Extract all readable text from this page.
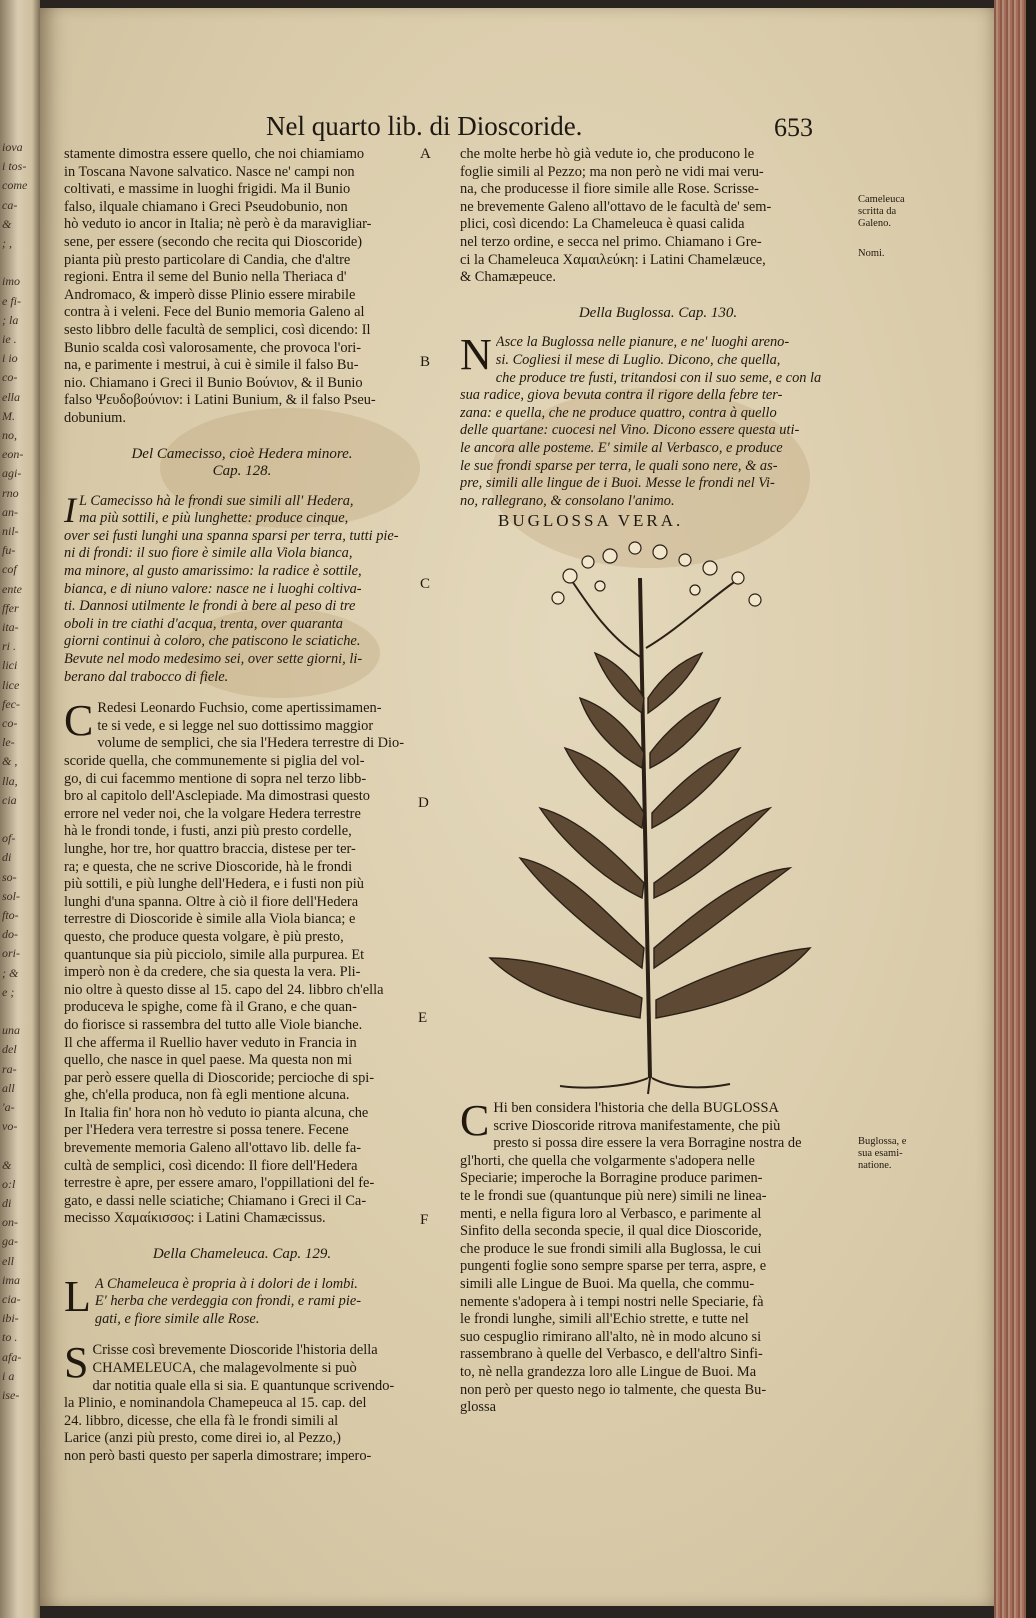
iova
i tos-
come
ca-
&
; ,
imo
e fi-
; la
ie .
i io
co-
ella
M.
no,
eon-
agi-
rno
an-
nil-
fu-
cof
ente
ffer
ita-
ri .
lici
lice
fec-
co-
le-
& ,
lla,
cia
of-
di
so-
sol-
fto-
do-
ori-
; &
e ;
una
del
ra-
all
'a-
vo-
&
o:l
di
on-
ga-
ell
ima
cia-
ibi-
to .
afa-
i a
ise-
Nel quarto lib. di Dioscoride.	653

stamente dimostra essere quello, che noi chiamiamo
in Toscana Navone salvatico. Nasce ne' campi non
coltivati, e massime in luoghi frigidi. Ma il Bunio
falso, ilquale chiamano i Greci Pseudobunio, non
hò veduto io ancor in Italia; nè però è da maravigliar-
sene, per essere (secondo che recita qui Dioscoride)
pianta più presto particolare di Candia, che d'altre
regioni. Entra il seme del Bunio nella Theriaca d'
Andromaco, & imperò disse Plinio essere mirabile
contra à i veleni. Fece del Bunio memoria Galeno al
sesto libbro delle facultà de semplici, così dicendo: Il
Bunio scalda così valorosamente, che provoca l'ori-
na, e parimente i mestrui, à cui è simile il falso Bu-
nio. Chiamano i Greci il Bunio Βούνιον, & il Bunio
falso Ψευδοβούνιον: i Latini Bunium, & il falso Pseu-
dobunium.

Del Camecisso, cioè Hedera minore.
Cap. 128.

I L Camecisso hà le frondi sue simili all' Hedera,
ma più sottili, e più lunghette: produce cinque,
over sei fusti lunghi una spanna sparsi per terra, tutti pie-
ni di frondi: il suo fiore è simile alla Viola bianca,
ma minore, al gusto amarissimo: la radice è sottile,
bianca, e di niuno valore: nasce ne i luoghi coltiva-
ti. Dannosi utilmente le frondi à bere al peso di tre
oboli in tre ciathi d'acqua, trenta, over quaranta
giorni continui à coloro, che patiscono le sciatiche.
Bevute nel modo medesimo sei, over sette giorni, li-
berano dal trabocco di fiele.

C Redesi Leonardo Fuchsio, come apertissimamen-
te si vede, e si legge nel suo dottissimo maggior
volume de semplici, che sia l'Hedera terrestre di Dio-
scoride quella, che communemente si piglia del vol-
go, di cui facemmo mentione di sopra nel terzo libb-
bro al capitolo dell'Asclepiade. Ma dimostrasi questo
errore nel veder noi, che la volgare Hedera terrestre
hà le frondi tonde, i fusti, anzi più presto cordelle,
lunghe, hor tre, hor quattro braccia, distese per ter-
ra; e questa, che ne scrive Dioscoride, hà le frondi
più sottili, e più lunghe dell'Hedera, e i fusti non più
lunghi d'una spanna. Oltre à ciò il fiore dell'Hedera
terrestre di Dioscoride è simile alla Viola bianca; e
questo, che produce questa volgare, è più presto,
quantunque sia più picciolo, simile alla purpurea. Et
imperò non è da credere, che sia questa la vera. Pli-
nio oltre à questo disse al 15. capo del 24. libbro ch'ella
produceva le spighe, come fà il Grano, e che quan-
do fiorisce si rassembra del tutto alle Viole bianche.
Il che afferma il Ruellio haver veduto in Francia in
quello, che nasce in quel paese. Ma questa non mi
par però essere quella di Dioscoride; percioche di spi-
ghe, ch'ella produca, non fà egli mentione alcuna.
In Italia fin' hora non hò veduto io pianta alcuna, che
per l'Hedera vera terrestre si possa tenere. Fecene
brevemente memoria Galeno all'ottavo lib. delle fa-
cultà de semplici, così dicendo: Il fiore dell'Hedera
terrestre è apre, per essere amaro, l'oppillationi del fe-
gato, e dassi nelle sciatiche; Chiamano i Greci il Ca-
mecisso Χαμαίκισσος: i Latini Chamæcissus.

Della Chameleuca. Cap. 129.

L A Chameleuca è propria à i dolori de i lombi.
E' herba che verdeggia con frondi, e rami pie-
gati, e fiore simile alle Rose.

S Crisse così brevemente Dioscoride l'historia della
CHAMELEUCA, che malagevolmente si può
dar notitia quale ella si sia. E quantunque scrivendo-
la Plinio, e nominandola Chamepeuca al 15. cap. del
24. libbro, dicesse, che ella fà le frondi simili al
Larice (anzi più presto, come direi io, al Pezzo,)
non però basti questo per saperla dimostrare; impero-

A
B
C
D
E
F

che molte herbe hò già vedute io, che producono le
foglie simili al Pezzo; ma non però ne vidi mai veru-
na, che producesse il fiore simile alle Rose. Scrisse-
ne brevemente Galeno all'ottavo de le facultà de' sem-
plici, così dicendo: La Chameleuca è quasi calida
nel terzo ordine, e secca nel primo. Chiamano i Gre-
ci la Chameleuca Χαμαιλεύκη: i Latini Chamelæuce,
& Chamæpeuce.

Della Buglossa. Cap. 130.

N Asce la Buglossa nelle pianure, e ne' luoghi areno-
si. Cogliesi il mese di Luglio. Dicono, che quella,
che produce tre fusti, tritandosi con il suo seme, e con la
sua radice, giova bevuta contra il rigore della febre ter-
zana: e quella, che ne produce quattro, contra à quello
delle quartane: cuocesi nel Vino. Dicono essere questa uti-
le ancora alle posteme. E' simile al Verbasco, e produce
le sue frondi sparse per terra, le quali sono nere, & as-
pre, simili alle lingue de i Buoi. Messe le frondi nel Vi-
no, rallegrano, & consolano l'animo.

BUGLOSSA VERA.

C Hi ben considera l'historia che della BUGLOSSA
scrive Dioscoride ritrova manifestamente, che più
presto si possa dire essere la vera Borragine nostra de
gl'horti, che quella che volgarmente s'adopera nelle
Speciarie; imperoche la Borragine produce parimen-
te le frondi sue (quantunque più nere) simili ne linea-
menti, e nella figura loro al Verbasco, e parimente al
Sinfito della seconda specie, il qual dice Dioscoride,
che produce le sue frondi simili alla Buglossa, le cui
pungenti foglie sono sempre sparse per terra, aspre, e
simili alle Lingue de Buoi. Ma quella, che commu-
nemente s'adopera à i tempi nostri nelle Speciarie, fà
le frondi lunghe, simili all'Echio strette, e tutte nel
suo cespuglio rimirano all'alto, nè in modo alcuno si
rassembrano à quelle del Verbasco, e dell'altro Sinfi-
to, nè nella grandezza loro alle Lingue de Buoi. Ma
non però per questo nego io talmente, che questa Bu-
glossa

Cameleuca
scritta da
Galeno.
Nomi.
Buglossa, e
sua esami-
natione.
